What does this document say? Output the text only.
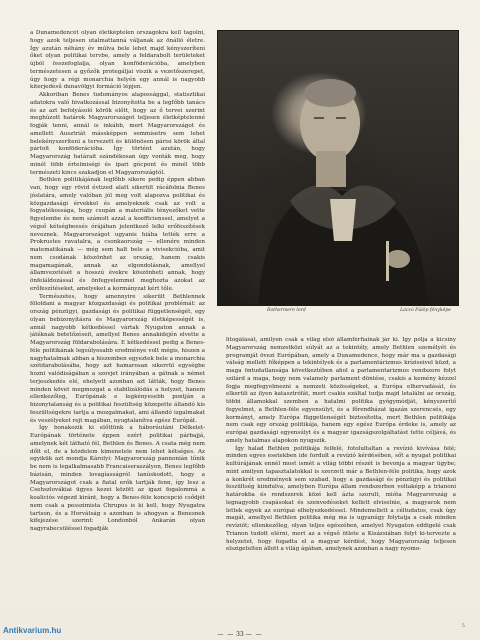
a Dunamedencét olyan életképtelen országokra kell tagolni, hogy azok teljesen utalmattanná váljanak az önálló életre. Így azután néhány év múlva bele lehet majd kényszeríteni őket olyan politikai tervbe, amely a feldarabolt területeket újból összefoglalja, olyan konföderációba, amelyben természetesen a győzők protegáljai viszik a vezetőszerepet, úgy hogy a régi monarchia helyén egy annál is nagyobb kiterjedésű dunavölgyi formáció lépjen.

Akkoriban Benes tudományos alapossággal, statisztikai adatokra való hivatkozással bizonyította be a legfőbb tanács és az azt befolyásoló körök előtt, hogy az ő tervei szerint meghúzott határok Magyarországot teljesen életképtelenné fogják tenni, annál is inkább, mert Magyarországot és amellett Ausztriát mássképpen semmisetre sem lehet belekényszeríteni a tervezett és különösen párisi körök által pártolt konföderációba. Így történt azután, hogy Magyarország határait szándékosan úgy vonták meg, hogy minél több értelmiségi és ipari gócpont és minél több természeti kincs szakadjon el Magyarországtól.

Bethlen politikájának legfőbb sikere pedig éppen abban van, hogy egy rövid évtized alatt sikerült rácáfolnia Benes jóslatára, amely valóban jól meg volt alapozva politikai és közgazdasági érvekkel és amelyeknek csak az volt a fogyatékossága, hogy csupán a materiális tényezőket vette figyelembe és nem számolt azzal a koefficienssel, amelyet a végső kétségbeesés órájában jelentkező lelki erőfeszítések neveznek. Magyarországot ugyanis hiába tették erre a Prokrustes ravatalra, a csonkaország — ellenére minden matematikának — még sem halt bele a vivisekcióba, amit nem csodának köszönhet az ország, hanem csakis magamagának, annak az elgondolásnak, amellyel államvezetését a hosszú évekre köszönheti annak, hogy önfeláldozással és önfegyelemmel meghozta azokat az erőfeszítéseket, amelyeket a kormányzat kért tőle.

Természetes, hogy amennyire sikerült Bethlennek föloldani a magyar közgazdasági és politikai problémát: az ország pénzügyi, gazdasági és politikai függetlenségét, egy olyan bebizonyításra és Magyarország életképességét is, annál nagyobb kétkedéssel vártak Nyugaton annak a játéknak betetőzéseit, amellyel Benes annakidején elvette a Magyarország földarabolására. E kétkedéssel pedig a Benes-féle politikának legsúlyosabb eredménye volt mégis, hiszen a nagyhatalmak abban a hiszemben egyeztek bele a monarchia szétdarabolásába, hogy azt hamarosan sikerrül egységbe hozni valódiságában a szovjet irányában a gátnak a német terjeszkedés elé, ehelyett azonban azt látták, hogy Benes minden követ megmozgat a stabilizálódás a helyzet, hanem ellenkezőleg, Európának e legkényesebb pontján a bizonytalanság és a politikai feszültség közepette állandó kis feszültségekre tartja a mozgalmakat, ami állandó izgalmakat és veszélyeket rejt magában, nyugtalanítva egész Európát.

Így bonakozik ki előttünk a háborúutáni Délkelet-Európának története éppen ezért politikai párbajjá, amelynek két látható fél, Bethlen és Benes. A csata még nem dőlt el, de a közdelem kimenetele nem lehet kétséges. Az egyikük azt mondja Károlyi: Magyarország pannonián tűnik be nem is legalkalmasabb Francaiseraszályon, Benes legfőbb bázisán, minden lovagíasságról tanúskodott, hogy a Magyarországot csak a fiatal erők tartják fenn, így lesz a Csehszlovákiai ügyes kezei között az igazi fogalommá a koaliciós végezd kiránt, hogy a Benes-féle koncepció csődjét nem csak a pesszimista Chrupus is ki kell, hogy Nyugatra tartson, és a Horvátság s azonban is ahogyan a Benesnek kifejezése szerint: Londonból Ankarán olyan nagyrabecsüléssel fogadják

Rothermere lord	Láczó Fülöp fényképe

litogálását, amilyen csak a világ első államférfiainak jár ki. Így pólja a kicsiny Magyarország nemzetközi súlyát az a tekintély, amely Bethlen személyét és programját övezi Európában, amely a Dunamedence, hogy már ma a gazdasági válság mellett főképpen a tekintélyek és a parlamentárizmus kríziseivel küzd, a maga öntudatlansága következtében ahol a parlamentarizmus rendszere folyt szilárd a maga, hogy nem valamely parlament döntése, csakis a kemény kézzel fogja megfegyelmezni a nemzeti közösségeket, a Európa elhervadását, és elkerüli az ilyen katasztrófát, mert csakis ezáltal tudja majd letalálni az ország, többi államokkal szemben a hatalmi politika gyógymódját, kényszerítő fegyelmet, a Bethlen-féle egyensúlyt, és a főrendházat igazán szerencsés, egy kormányt, amely Európa függetlenségét biztosította, mert Bethlen politikája nem csak egy ország politikája, hanem egy egész Európa érdeke is, amely az európai gazdasági egyensúlyt és a magyar igazságszolgáltatást tette céljává, és amely hatalmas alapokon nyugszik.

Így halad Bethlen politikája felfelé, fotolultaltan a revízió kivívása felé; minden egyes esetekben ide fordult a revízió kérdésében, sőt a nyugat politikai kultúrájának ennél most ismét a világ többi részét is bevonja a magyar ügybe; mint amilyen tapasztalatokkal is szerzett már a Bethlen-féle politika, hogy azok a konkrét eredmények sem szabad, hogy a gazdasági és pénzügyi és politikai feszültség kiindulva, amelyben Európa állam rendszerben voltaképp a trianoni határokba és rendszerek közé kell ázta szorult, mióta Magyarország a legnagyobb csapásokat és szenvedéseket kellett elviselnie, a magyarok nem lettek egyek az európai elhelyezkedéssel. Mindemellett a céltudatos, csak úgy magát, amellyel Bethlen politika még ma is ugyanúgy folytatja a csak minden revíziót; ellenkezőleg, olyan teljes egészében, amelyet Nyugaton eddigelé csak Trianon tudott elérni, mert az a végső ötlete a Kisázsiában folyt ki-tervezte a helyzetet, hogy fogadta el a magyar kérdést, hogy Magyarország teljesen elszigetelten állott a világ ágában, amelynek azonban a nagy nyomo-

— — 33 — —
Antikvarium.hu	5
